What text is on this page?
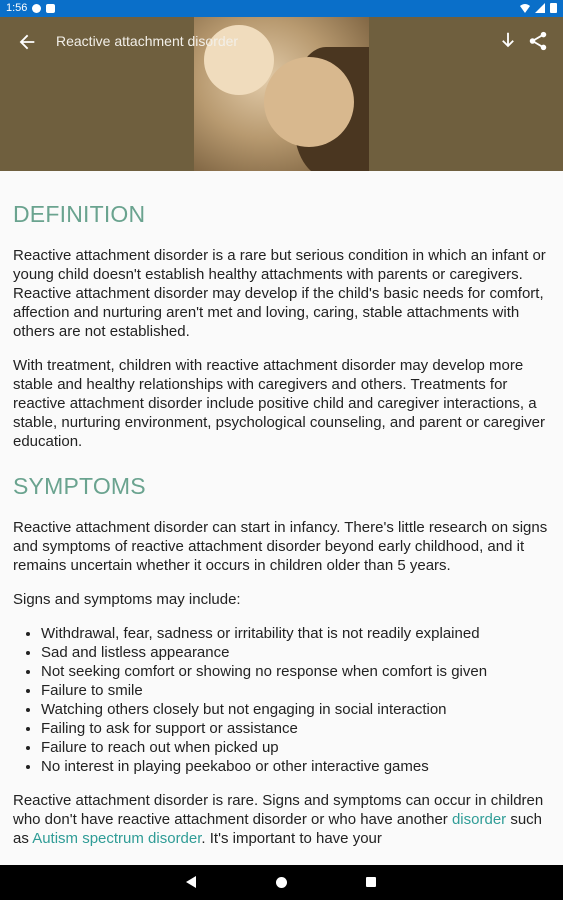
1:56
Reactive attachment disorder
DEFINITION

Reactive attachment disorder is a rare but serious condition in which an infant or young child doesn't establish healthy attachments with parents or caregivers. Reactive attachment disorder may develop if the child's basic needs for comfort, affection and nurturing aren't met and loving, caring, stable attachments with others are not established.

With treatment, children with reactive attachment disorder may develop more stable and healthy relationships with caregivers and others. Treatments for reactive attachment disorder include positive child and caregiver interactions, a stable, nurturing environment, psychological counseling, and parent or caregiver education.

SYMPTOMS

Reactive attachment disorder can start in infancy. There's little research on signs and symptoms of reactive attachment disorder beyond early childhood, and it remains uncertain whether it occurs in children older than 5 years.

Signs and symptoms may include:

• Withdrawal, fear, sadness or irritability that is not readily explained
• Sad and listless appearance
• Not seeking comfort or showing no response when comfort is given
• Failure to smile
• Watching others closely but not engaging in social interaction
• Failing to ask for support or assistance
• Failure to reach out when picked up
• No interest in playing peekaboo or other interactive games

Reactive attachment disorder is rare. Signs and symptoms can occur in children who don't have reactive attachment disorder or who have another disorder such as Autism spectrum disorder. It's important to have your
